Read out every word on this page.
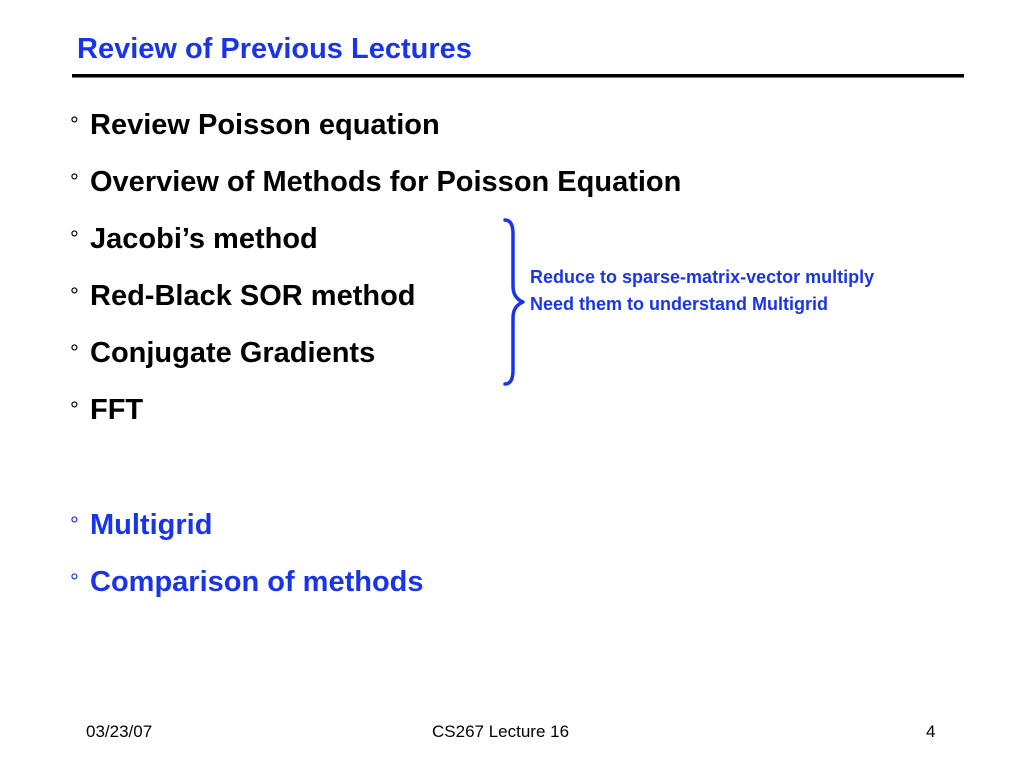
Review of Previous Lectures
° Review Poisson equation
° Overview of Methods for Poisson Equation
° Jacobi’s method
° Red-Black SOR method
° Conjugate Gradients
° FFT
° Multigrid
° Comparison of methods
Reduce to sparse-matrix-vector multiply
Need them to understand Multigrid
03/23/07	CS267 Lecture 16	4
